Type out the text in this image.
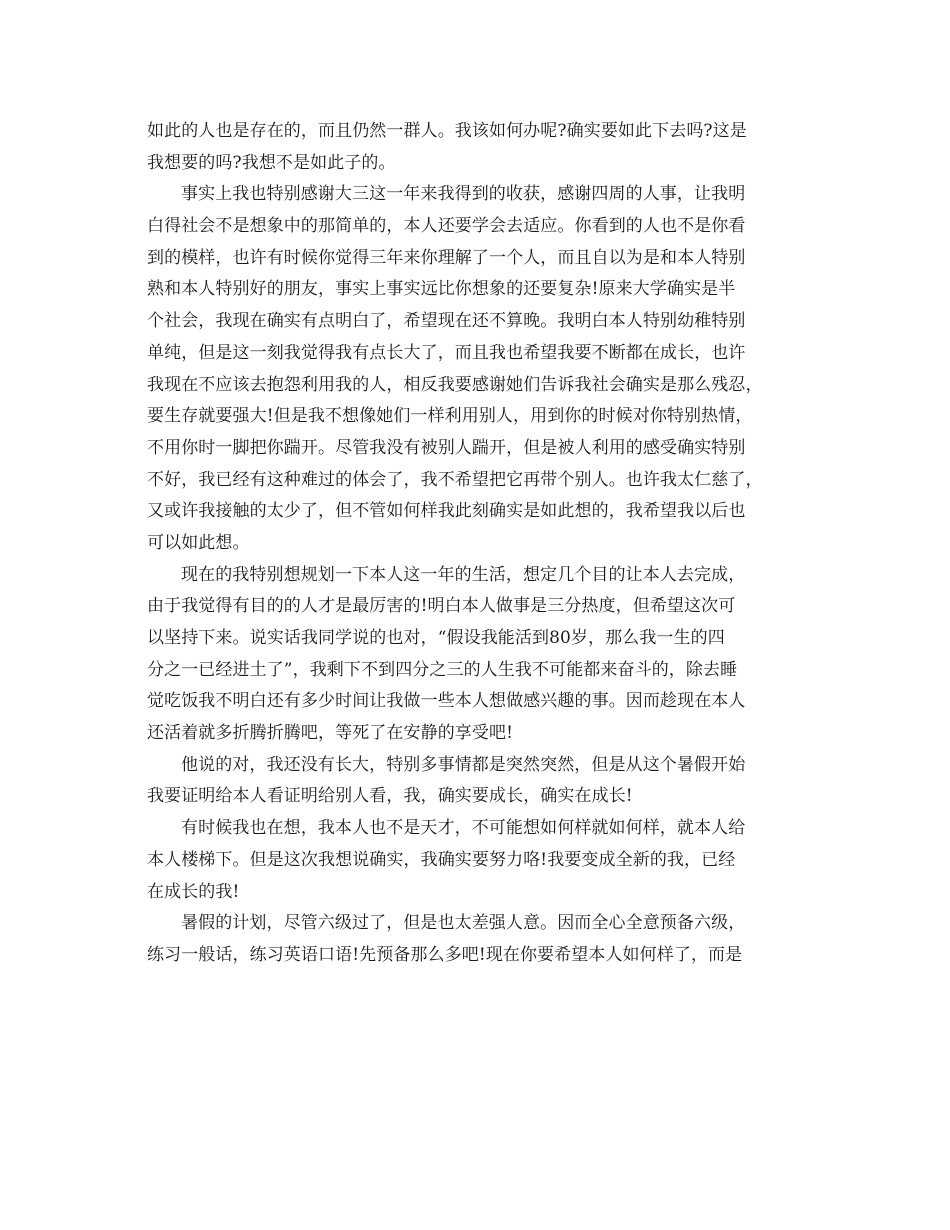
如此的人也是存在的，而且仍然一群人。我该如何办呢?确实要如此下去吗?这是
我想要的吗?我想不是如此子的。
事实上我也特别感谢大三这一年来我得到的收获，感谢四周的人事，让我明
白得社会不是想象中的那简单的，本人还要学会去适应。你看到的人也不是你看
到的模样，也许有时候你觉得三年来你理解了一个人，而且自以为是和本人特别
熟和本人特别好的朋友，事实上事实远比你想象的还要复杂!原来大学确实是半
个社会，我现在确实有点明白了，希望现在还不算晚。我明白本人特别幼稚特别
单纯，但是这一刻我觉得我有点长大了，而且我也希望我要不断都在成长，也许
我现在不应该去抱怨利用我的人，相反我要感谢她们告诉我社会确实是那么残忍，
要生存就要强大!但是我不想像她们一样利用别人，用到你的时候对你特别热情，
不用你时一脚把你踹开。尽管我没有被别人踹开，但是被人利用的感受确实特别
不好，我已经有这种难过的体会了，我不希望把它再带个别人。也许我太仁慈了，
又或许我接触的太少了，但不管如何样我此刻确实是如此想的，我希望我以后也
可以如此想。
现在的我特别想规划一下本人这一年的生活，想定几个目的让本人去完成，
由于我觉得有目的的人才是最厉害的!明白本人做事是三分热度，但希望这次可
以坚持下来。说实话我同学说的也对，“假设我能活到80岁，那么我一生的四
分之一已经进土了”，我剩下不到四分之三的人生我不可能都来奋斗的，除去睡
觉吃饭我不明白还有多少时间让我做一些本人想做感兴趣的事。因而趁现在本人
还活着就多折腾折腾吧，等死了在安静的享受吧!
他说的对，我还没有长大，特别多事情都是突然突然，但是从这个暑假开始
我要证明给本人看证明给别人看，我，确实要成长，确实在成长!
有时候我也在想，我本人也不是天才，不可能想如何样就如何样，就本人给
本人楼梯下。但是这次我想说确实，我确实要努力咯!我要变成全新的我，已经
在成长的我!
暑假的计划，尽管六级过了，但是也太差强人意。因而全心全意预备六级，
练习一般话，练习英语口语!先预备那么多吧!现在你要希望本人如何样了，而是
